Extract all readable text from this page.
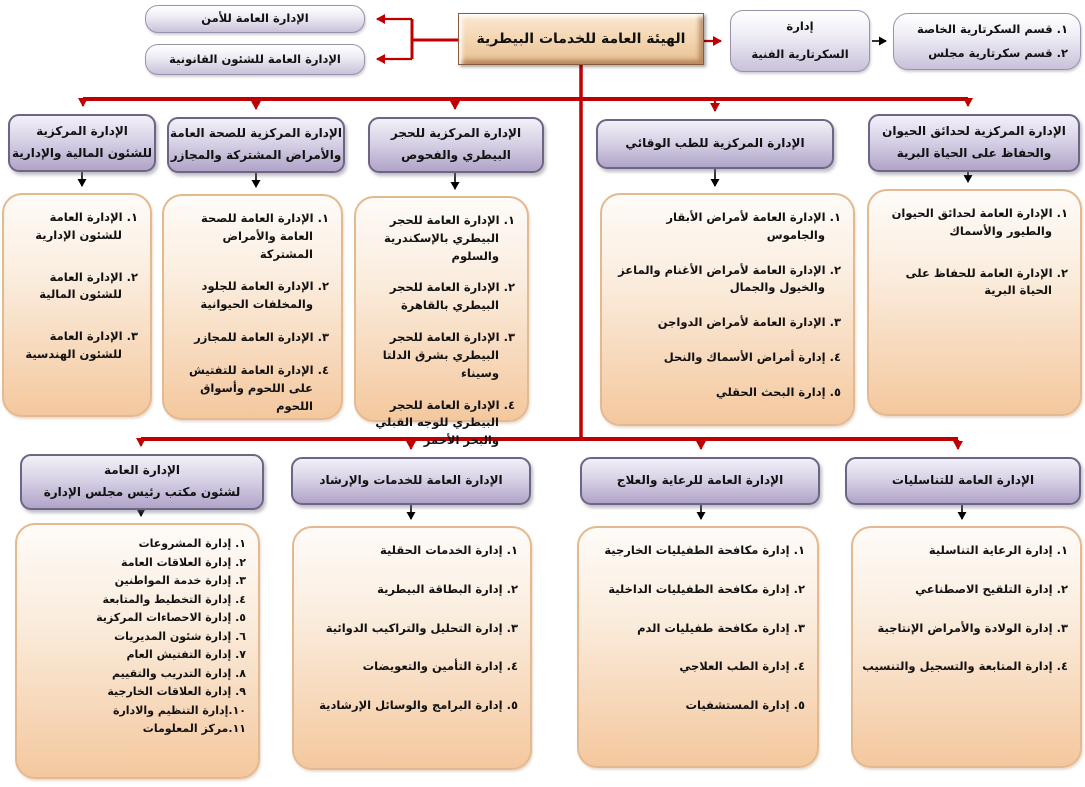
الإدارة العامة للأمن
الإدارة العامة للشئون القانونية
الهيئة العامة للخدمات البيطرية
إدارة
السكرتارية الفنية
١. قسم السكرتارية الخاصة
٢. قسم سكرتارية مجلس
الإدارة المركزية
للشئون المالية والإدارية
الإدارة المركزية للصحة العامة
والأمراض المشتركة والمجازر
الإدارة المركزية للحجر
البيطري والفحوص
الإدارة المركزية للطب الوقائي
الإدارة المركزية لحدائق الحيوان
والحفاظ على الحياة البرية
١. الإدارة العامة للشئون الإدارية
٢. الإدارة العامة للشئون المالية
٣. الإدارة العامة للشئون الهندسية
١. الإدارة العامة للصحة العامة والأمراض المشتركة
٢. الإدارة العامة للجلود والمخلفات الحيوانية
٣. الإدارة العامة للمجازر
٤. الإدارة العامة للتفتيش على اللحوم وأسواق اللحوم
١. الإدارة العامة للحجر البيطري بالإسكندرية والسلوم
٢. الإدارة العامة للحجر البيطري بالقاهرة
٣. الإدارة العامة للحجر البيطري بشرق الدلتا وسيناء
٤. الإدارة العامة للحجر البيطري للوجه القبلي والبحر الأحمر
١. الإدارة العامة لأمراض الأبقار والجاموس
٢. الإدارة العامة لأمراض الأغنام والماعز والخيول والجمال
٣. الإدارة العامة لأمراض الدواجن
٤. إدارة أمراض الأسماك والنحل
٥. إدارة البحث الحقلي
١. الإدارة العامة لحدائق الحيوان والطيور والأسماك
٢. الإدارة العامة للحفاظ على الحياة البرية
الإدارة العامة
لشئون مكتب رئيس مجلس الإدارة
الإدارة العامة للخدمات والإرشاد	الإدارة العامة للرعاية والعلاج	الإدارة العامة للتناسليات
١. إدارة المشروعات
٢. إدارة العلاقات العامة
٣. إدارة خدمة المواطنين
٤. إدارة التخطيط والمتابعة
٥. إدارة الاحصاءات المركزية
٦. إدارة شئون المديريات
٧. إدارة التفتيش العام
٨. إدارة التدريب والتقييم
٩. إدارة العلاقات الخارجية
١٠.إدارة التنظيم والادارة
١١.مركز المعلومات
١. إدارة الخدمات الحقلية
٢. إدارة البطاقة البيطرية
٣. إدارة التحليل والتراكيب الدوائية
٤. إدارة التأمين والتعويضات
٥. إدارة البرامج والوسائل الإرشادية
١. إدارة مكافحة الطفيليات الخارجية
٢. إدارة مكافحة الطفيليات الداخلية
٣. إدارة مكافحة طفيليات الدم
٤. إدارة الطب العلاجي
٥. إدارة المستشفيات
١. إدارة الرعاية التناسلية
٢. إدارة التلقيح الاصطناعي
٣. إدارة الولادة والأمراض الإنتاجية
٤. إدارة المتابعة والتسجيل والتنسيب
